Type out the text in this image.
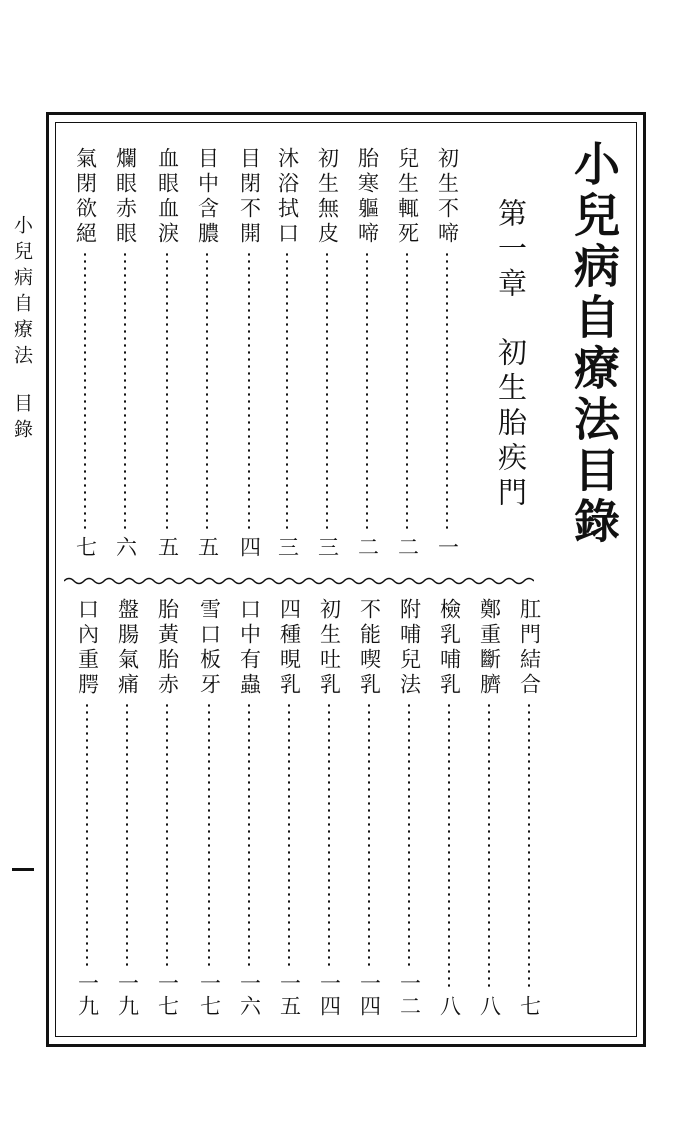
小兒病自療法目錄	小兒病自療法目錄
第一章初生胎疾門
初生不啼
一
兒生輒死
二
胎寒軀啼
二
初生無皮
三
沐浴拭口
三
目閉不開
四
目中含膿
五
血眼血淚
五
爛眼赤眼
六
氣閉欲絕
七
肛門結合
七
鄭重斷臍
八
檢乳哺乳
八
附哺兒法
一二
不能喫乳
一四
初生吐乳
一四
四種晛乳
一五
口中有蟲
一六
雪口板牙
一七
胎黃胎赤
一七
盤腸氣痛
一九
口內重腭
一九
